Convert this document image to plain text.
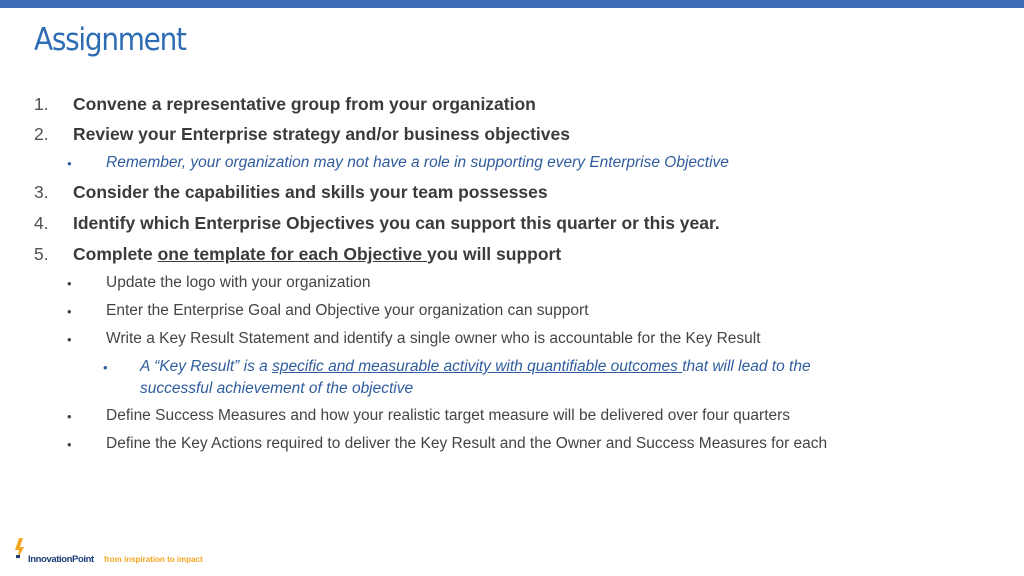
Assignment
1. Convene a representative group from your organization
2. Review your Enterprise strategy and/or business objectives
• Remember, your organization may not have a role in supporting every Enterprise Objective
3. Consider the capabilities and skills your team possesses
4. Identify which Enterprise Objectives you can support this quarter or this year.
5. Complete one template for each Objective you will support
• Update the logo with your organization
• Enter the Enterprise Goal and Objective your organization can support
• Write a Key Result Statement and identify a single owner who is accountable for the Key Result
• A “Key Result” is a specific and measurable activity with quantifiable outcomes that will lead to the
successful achievement of the objective
• Define Success Measures and how your realistic target measure will be delivered over four quarters
• Define the Key Actions required to deliver the Key Result and the Owner and Success Measures for each
InnovationPoint from inspiration to impact
